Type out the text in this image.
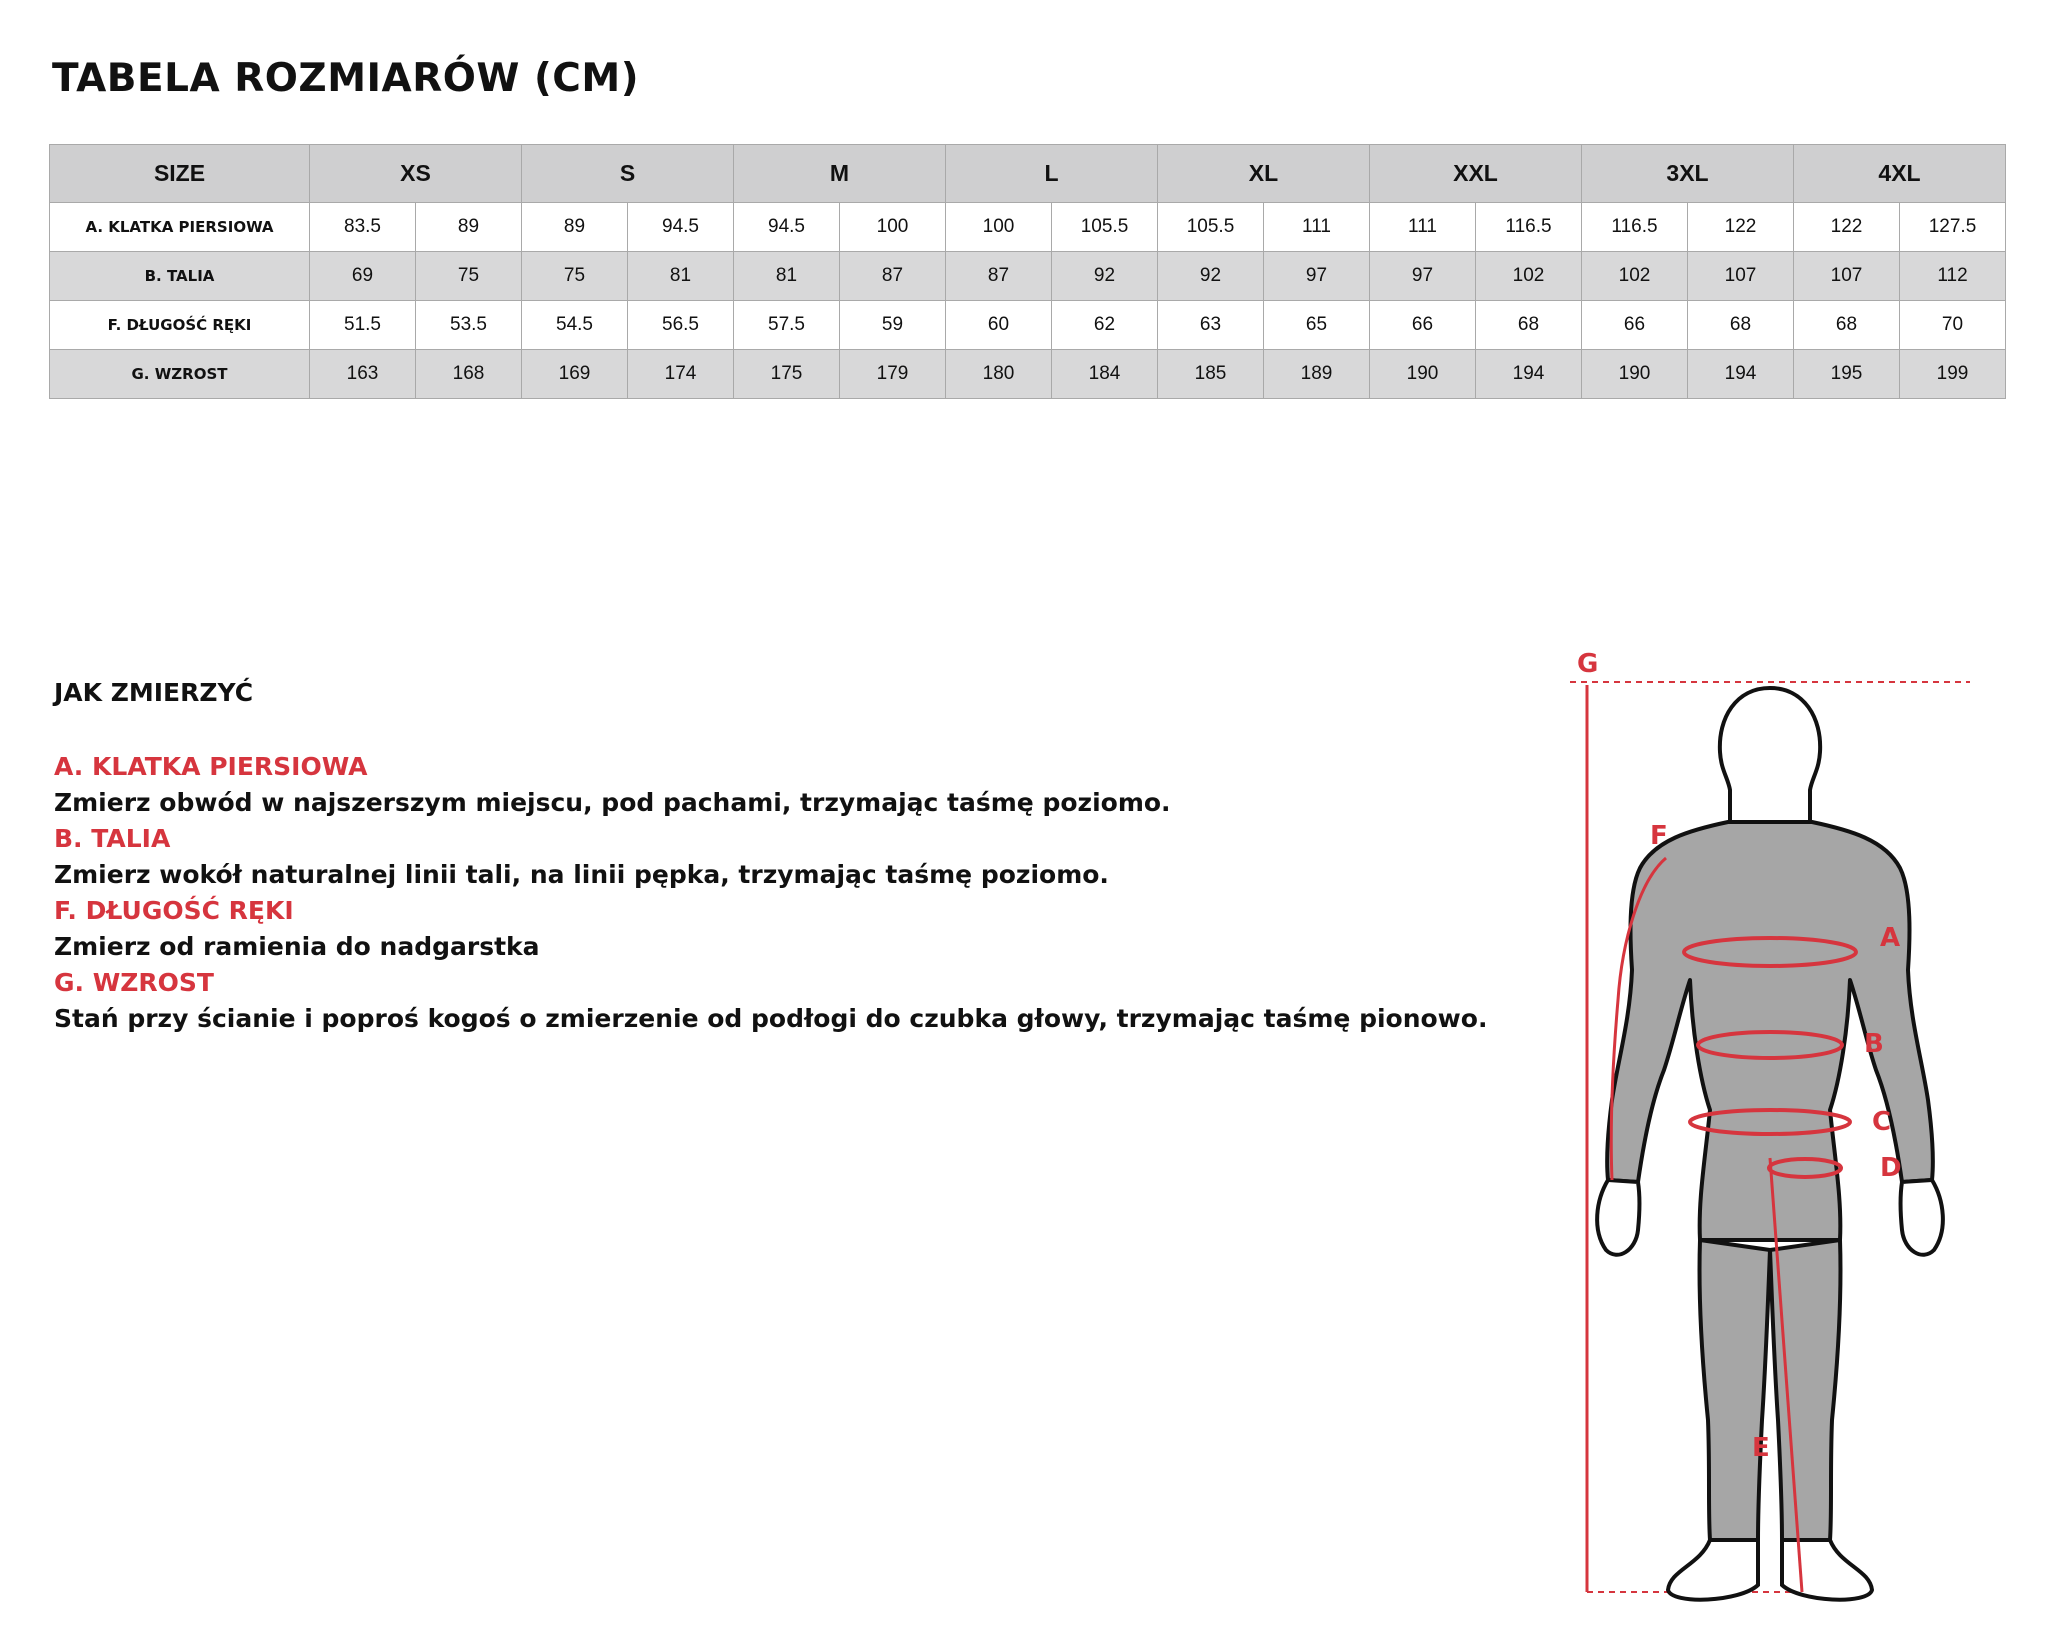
TABELA ROZMIARÓW (CM)
SIZE	XS		S		M		L		XL		XXL		3XL		4XL	
A. KLATKA PIERSIOWA	83.5	89	89	94.5	94.5	100	100	105.5	105.5	111	111	116.5	116.5	122	122	127.5
B. TALIA	69	75	75	81	81	87	87	92	92	97	97	102	102	107	107	112
F. DŁUGOŚĆ RĘKI	51.5	53.5	54.5	56.5	57.5	59	60	62	63	65	66	68	66	68	68	70
G. WZROST	163	168	169	174	175	179	180	184	185	189	190	194	190	194	195	199
JAK ZMIERZYĆ
A. KLATKA PIERSIOWA
Zmierz obwód w najszerszym miejscu, pod pachami, trzymając taśmę poziomo.
B. TALIA
Zmierz wokół naturalnej linii tali, na linii pępka, trzymając taśmę poziomo.
F. DŁUGOŚĆ RĘKI
Zmierz od ramienia do nadgarstka
G. WZROST
Stań przy ścianie i poproś kogoś o zmierzenie od podłogi do czubka głowy, trzymając taśmę pionowo.
G
F
A
B
C
D
E
